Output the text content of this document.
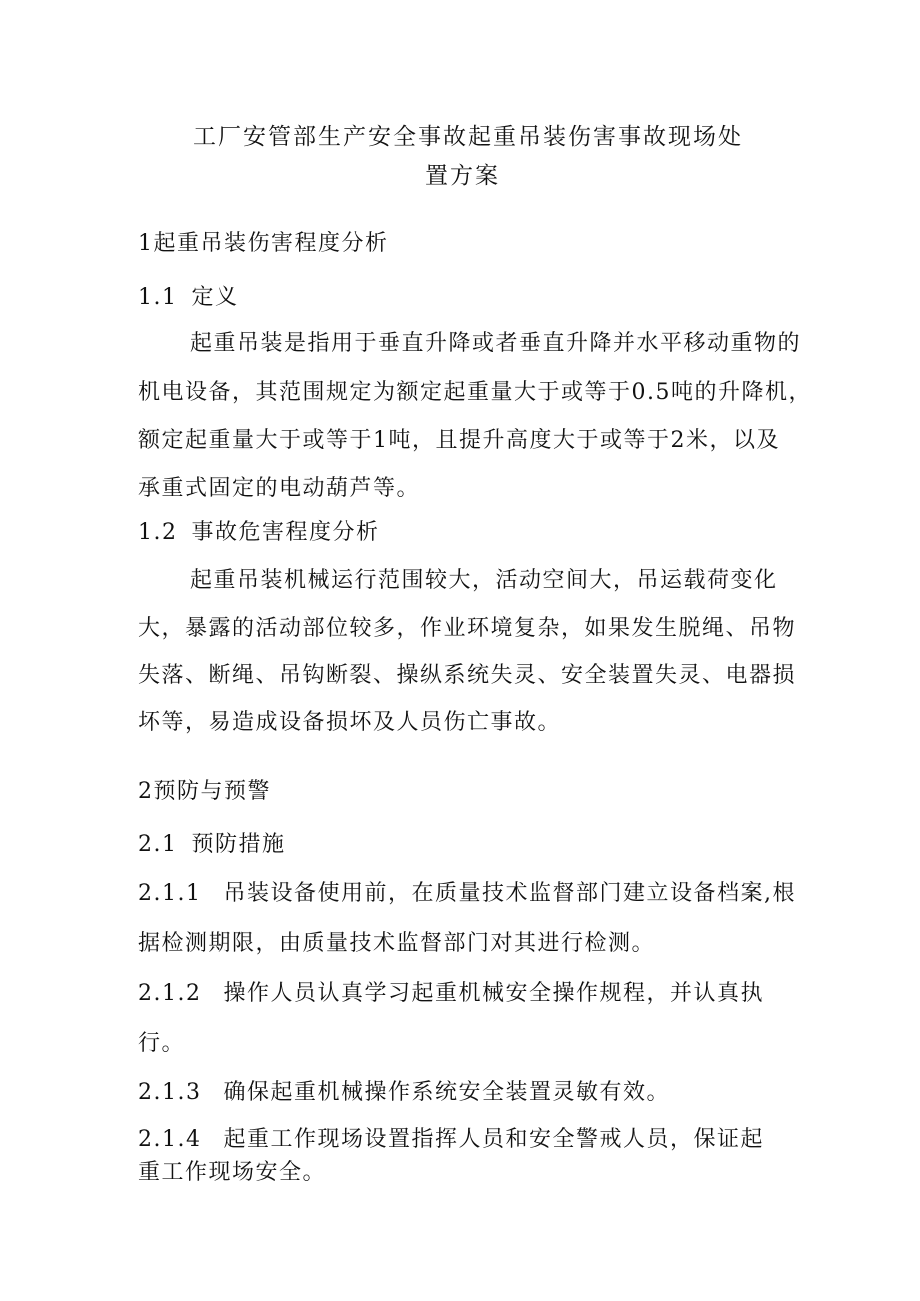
工厂安管部生产安全事故起重吊装伤害事故现场处
置方案
1起重吊装伤害程度分析
1.1 定义
起重吊装是指用于垂直升降或者垂直升降并水平移动重物的
机电设备，其范围规定为额定起重量大于或等于0.5吨的升降机，
额定起重量大于或等于1吨，且提升高度大于或等于2米，以及
承重式固定的电动葫芦等。
1.2 事故危害程度分析
起重吊装机械运行范围较大，活动空间大，吊运载荷变化
大，暴露的活动部位较多，作业环境复杂，如果发生脱绳、吊物
失落、断绳、吊钩断裂、操纵系统失灵、安全装置失灵、电器损
坏等，易造成设备损坏及人员伤亡事故。
2预防与预警
2.1 预防措施
2.1.1 吊装设备使用前，在质量技术监督部门建立设备档案,根
据检测期限，由质量技术监督部门对其进行检测。
2.1.2 操作人员认真学习起重机械安全操作规程，并认真执
行。
2.1.3 确保起重机械操作系统安全装置灵敏有效。
2.1.4 起重工作现场设置指挥人员和安全警戒人员，保证起
重工作现场安全。
